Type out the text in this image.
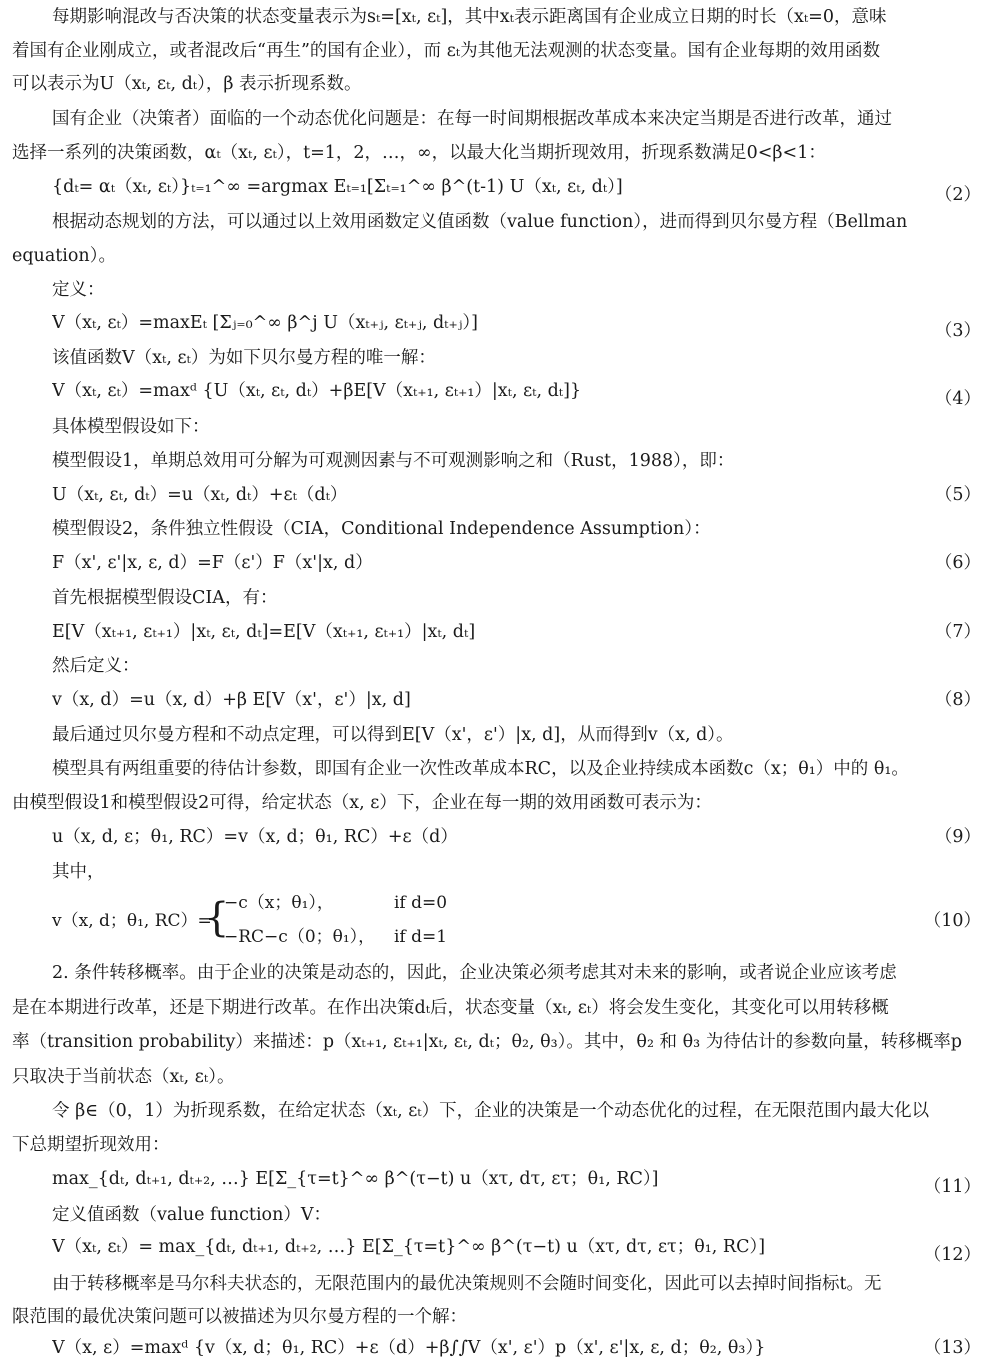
每期影响混改与否决策的状态变量表示为sₜ=[xₜ, εₜ]，其中xₜ表示距离国有企业成立日期的时长（xₜ=0，意味
着国有企业刚成立，或者混改后“再生”的国有企业），而 εₜ为其他无法观测的状态变量。国有企业每期的效用函数
可以表示为U（xₜ, εₜ, dₜ），β 表示折现系数。
国有企业（决策者）面临的一个动态优化问题是：在每一时间期根据改革成本来决定当期是否进行改革，通过
选择一系列的决策函数，αₜ（xₜ, εₜ），t=1，2，…，∞，以最大化当期折现效用，折现系数满足0<β<1：
{dₜ= αₜ（xₜ, εₜ）}ₜ₌₁^∞ =argmax Eₜ₌₁[Σₜ₌₁^∞ β^(t-1) U（xₜ, εₜ, dₜ）]	（2）
根据动态规划的方法，可以通过以上效用函数定义值函数（value function），进而得到贝尔曼方程（Bellman
equation）。
定义：
V（xₜ, εₜ）=maxEₜ [Σⱼ₌₀^∞ β^j U（xₜ₊ⱼ, εₜ₊ⱼ, dₜ₊ⱼ）]	（3）
该值函数V（xₜ, εₜ）为如下贝尔曼方程的唯一解：
V（xₜ, εₜ）=maxᵈ {U（xₜ, εₜ, dₜ）+βE[V（xₜ₊₁, εₜ₊₁）|xₜ, εₜ, dₜ]}	（4）
具体模型假设如下：
模型假设1，单期总效用可分解为可观测因素与不可观测影响之和（Rust，1988），即：
U（xₜ, εₜ, dₜ）=u（xₜ, dₜ）+εₜ（dₜ）	（5）
模型假设2，条件独立性假设（CIA，Conditional Independence Assumption）：
F（x', ε'|x, ε, d）=F（ε'）F（x'|x, d）	（6）
首先根据模型假设CIA，有：
E[V（xₜ₊₁, εₜ₊₁）|xₜ, εₜ, dₜ]=E[V（xₜ₊₁, εₜ₊₁）|xₜ, dₜ]	（7）
然后定义：
v（x, d）=u（x, d）+β E[V（x'，ε'）|x, d]	（8）
最后通过贝尔曼方程和不动点定理，可以得到E[V（x'，ε'）|x, d]，从而得到v（x, d）。
模型具有两组重要的待估计参数，即国有企业一次性改革成本RC，以及企业持续成本函数c（x；θ₁）中的 θ₁。
由模型假设1和模型假设2可得，给定状态（x, ε）下，企业在每一期的效用函数可表示为：
u（x, d, ε；θ₁, RC）=v（x, d；θ₁, RC）+ε（d）	（9）
其中，
v（x, d；θ₁, RC）=
{
−c（x；θ₁），	if d=0
−RC−c（0；θ₁）， if d=1
（10）
2. 条件转移概率。由于企业的决策是动态的，因此，企业决策必须考虑其对未来的影响，或者说企业应该考虑
是在本期进行改革，还是下期进行改革。在作出决策dₜ后，状态变量（xₜ, εₜ）将会发生变化，其变化可以用转移概
率（transition probability）来描述：p（xₜ₊₁, εₜ₊₁|xₜ, εₜ, dₜ；θ₂, θ₃）。其中，θ₂ 和 θ₃ 为待估计的参数向量，转移概率p
只取决于当前状态（xₜ, εₜ）。
令 β∈（0，1）为折现系数，在给定状态（xₜ, εₜ）下，企业的决策是一个动态优化的过程，在无限范围内最大化以
下总期望折现效用：
max_{dₜ, dₜ₊₁, dₜ₊₂, …} E[Σ_{τ=t}^∞ β^(τ−t) u（xτ, dτ, ετ；θ₁, RC）]	（11）
定义值函数（value function）V：
V（xₜ, εₜ）= max_{dₜ, dₜ₊₁, dₜ₊₂, …} E[Σ_{τ=t}^∞ β^(τ−t) u（xτ, dτ, ετ；θ₁, RC）]	（12）
由于转移概率是马尔科夫状态的，无限范围内的最优决策规则不会随时间变化，因此可以去掉时间指标t。无
限范围的最优决策问题可以被描述为贝尔曼方程的一个解：
V（x, ε）=maxᵈ {v（x, d；θ₁, RC）+ε（d）+β∫∫V（x', ε'）p（x', ε'|x, ε, d；θ₂, θ₃）}	（13）
